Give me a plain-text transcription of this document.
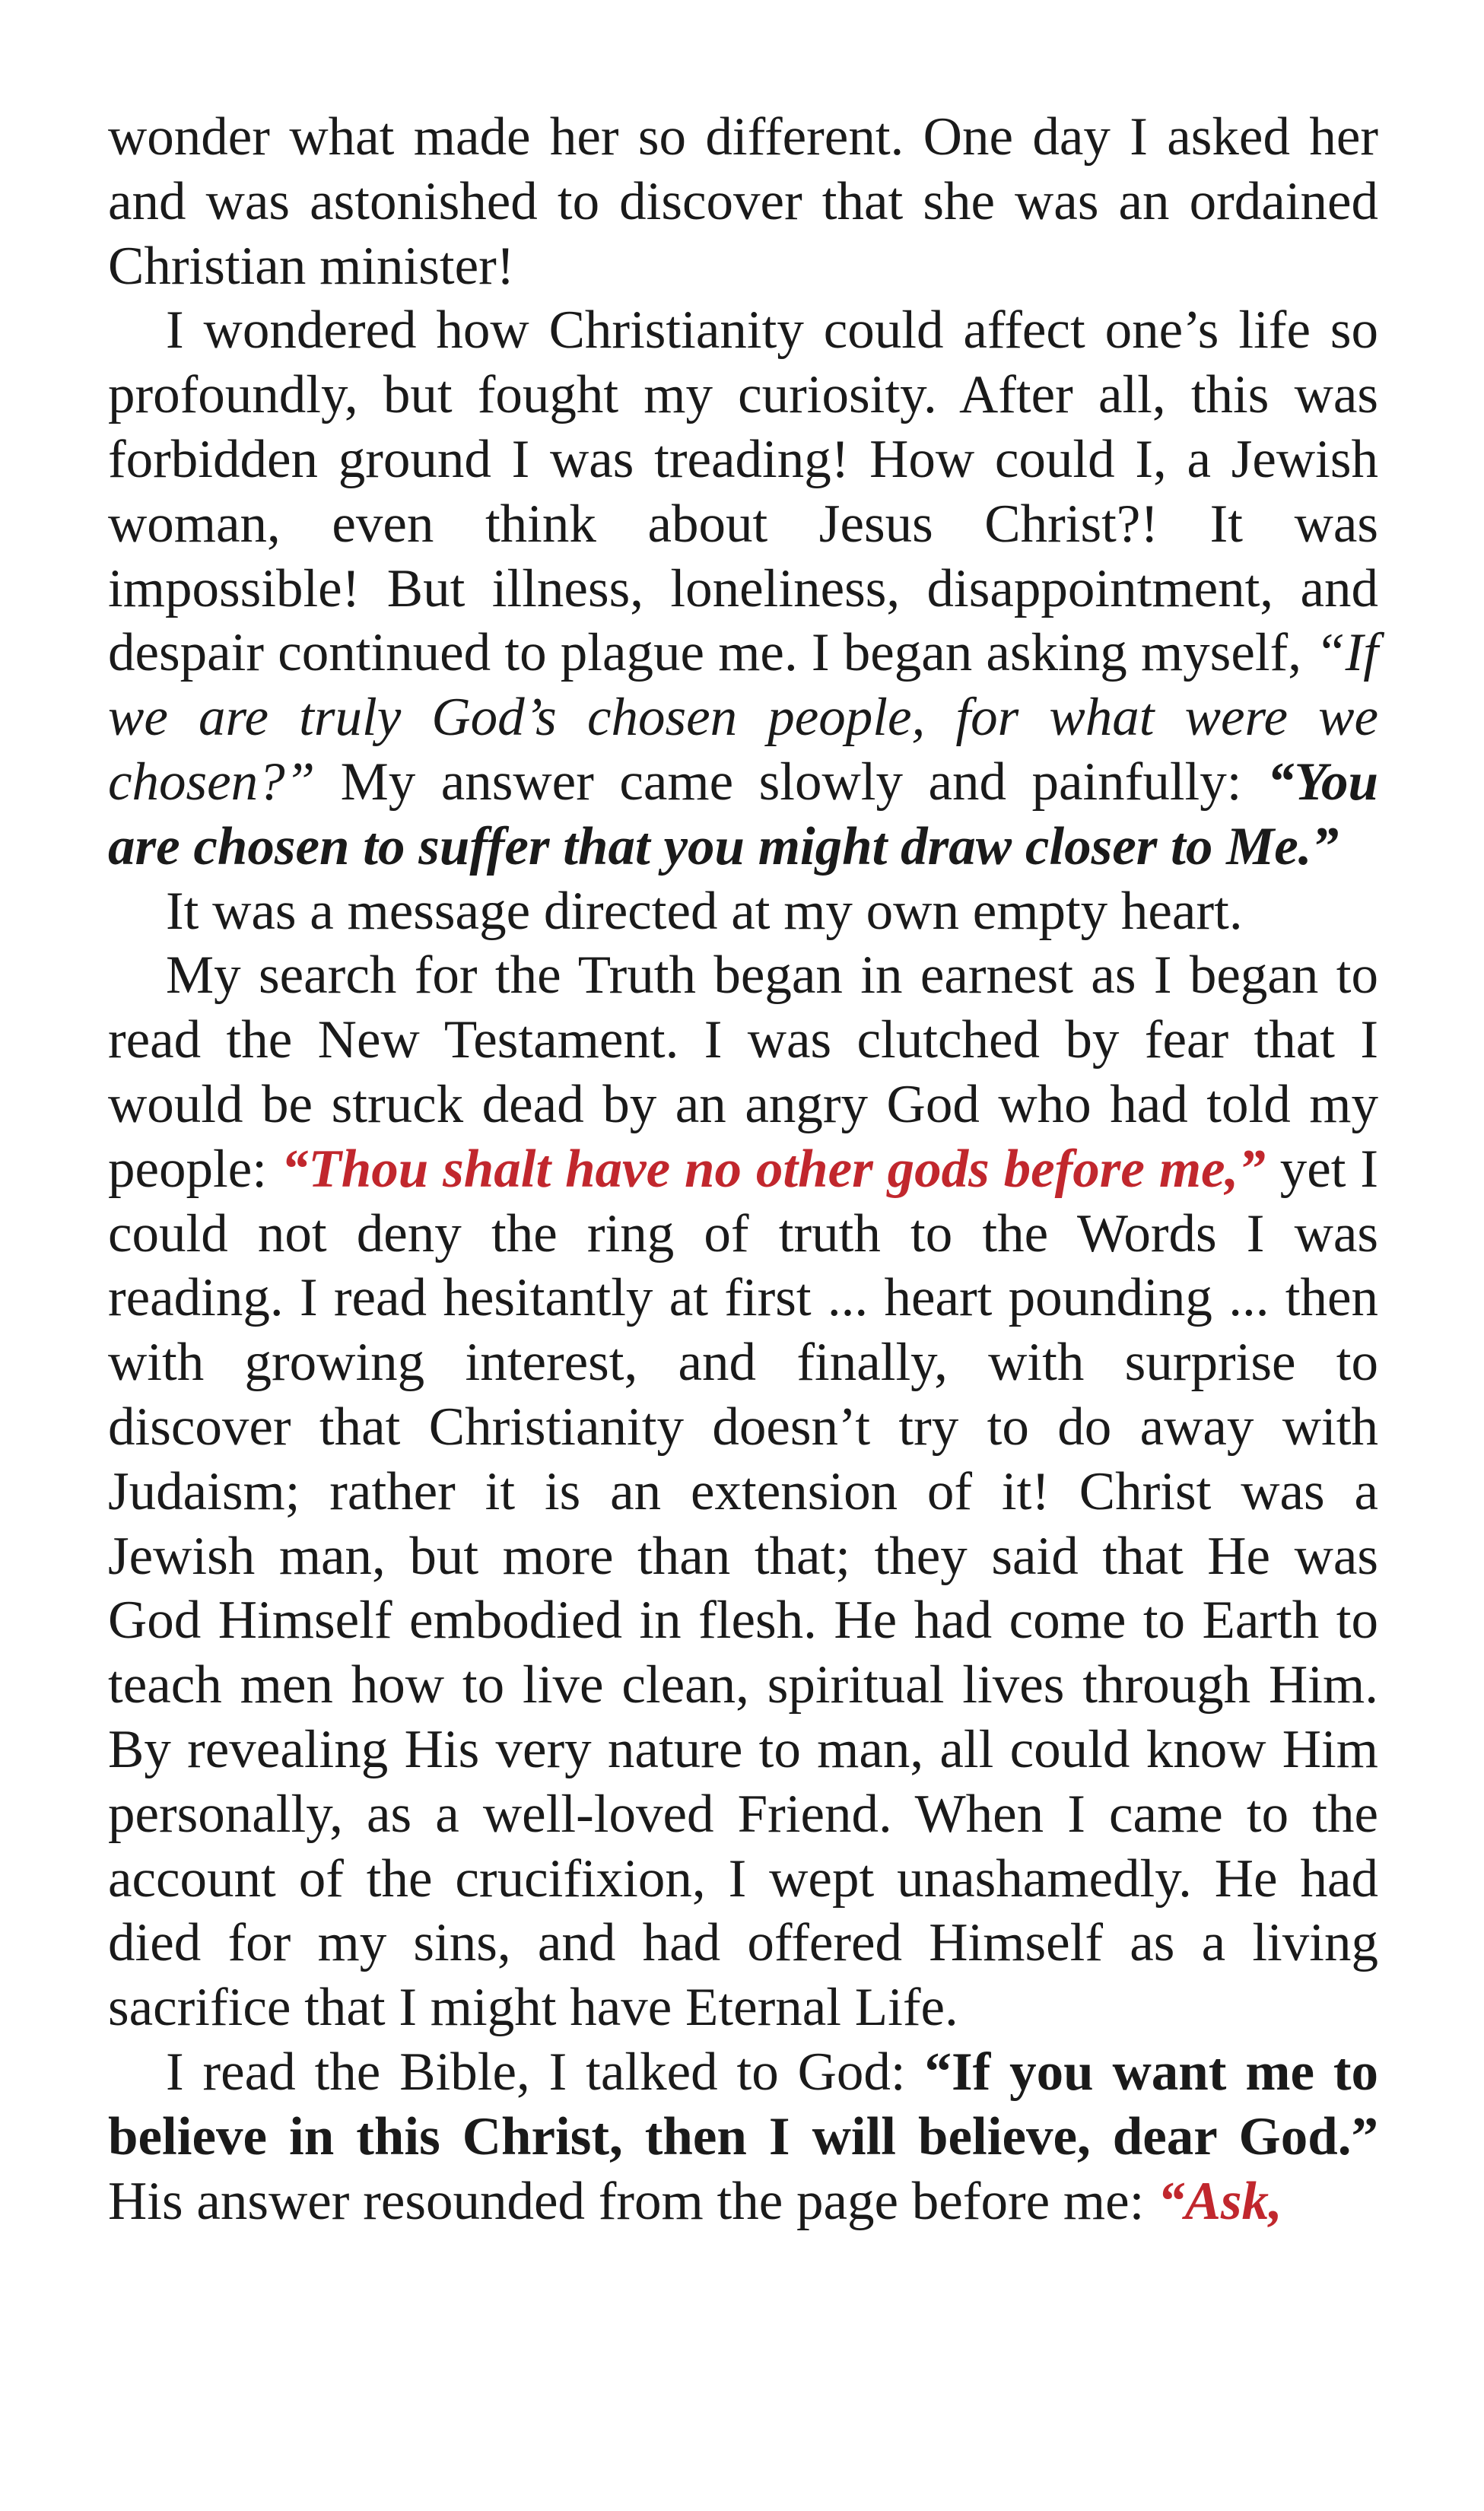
wonder what made her so different. One day I asked her and was astonished to discover that she was an ordained Christian minister!

I wondered how Christianity could affect one’s life so profoundly, but fought my curiosity. After all, this was forbidden ground I was treading! How could I, a Jewish woman, even think about Jesus Christ?! It was impossible! But illness, loneliness, disappointment, and despair continued to plague me. I began asking myself, “If we are truly God’s chosen people, for what were we chosen?” My answer came slowly and painfully: “You are chosen to suffer that you might draw closer to Me.”

It was a message directed at my own empty heart.

My search for the Truth began in earnest as I began to read the New Testament. I was clutched by fear that I would be struck dead by an angry God who had told my people: “Thou shalt have no other gods before me,” yet I could not deny the ring of truth to the Words I was reading. I read hesitantly at first ... heart pounding ... then with growing interest, and finally, with surprise to discover that Christianity doesn’t try to do away with Judaism; rather it is an extension of it! Christ was a Jewish man, but more than that; they said that He was God Himself embodied in flesh. He had come to Earth to teach men how to live clean, spiritual lives through Him. By revealing His very nature to man, all could know Him personally, as a well-loved Friend. When I came to the account of the crucifixion, I wept unashamedly. He had died for my sins, and had offered Himself as a living sacrifice that I might have Eternal Life.

I read the Bible, I talked to God: “If you want me to believe in this Christ, then I will believe, dear God.” His answer resounded from the page before me: “Ask,
